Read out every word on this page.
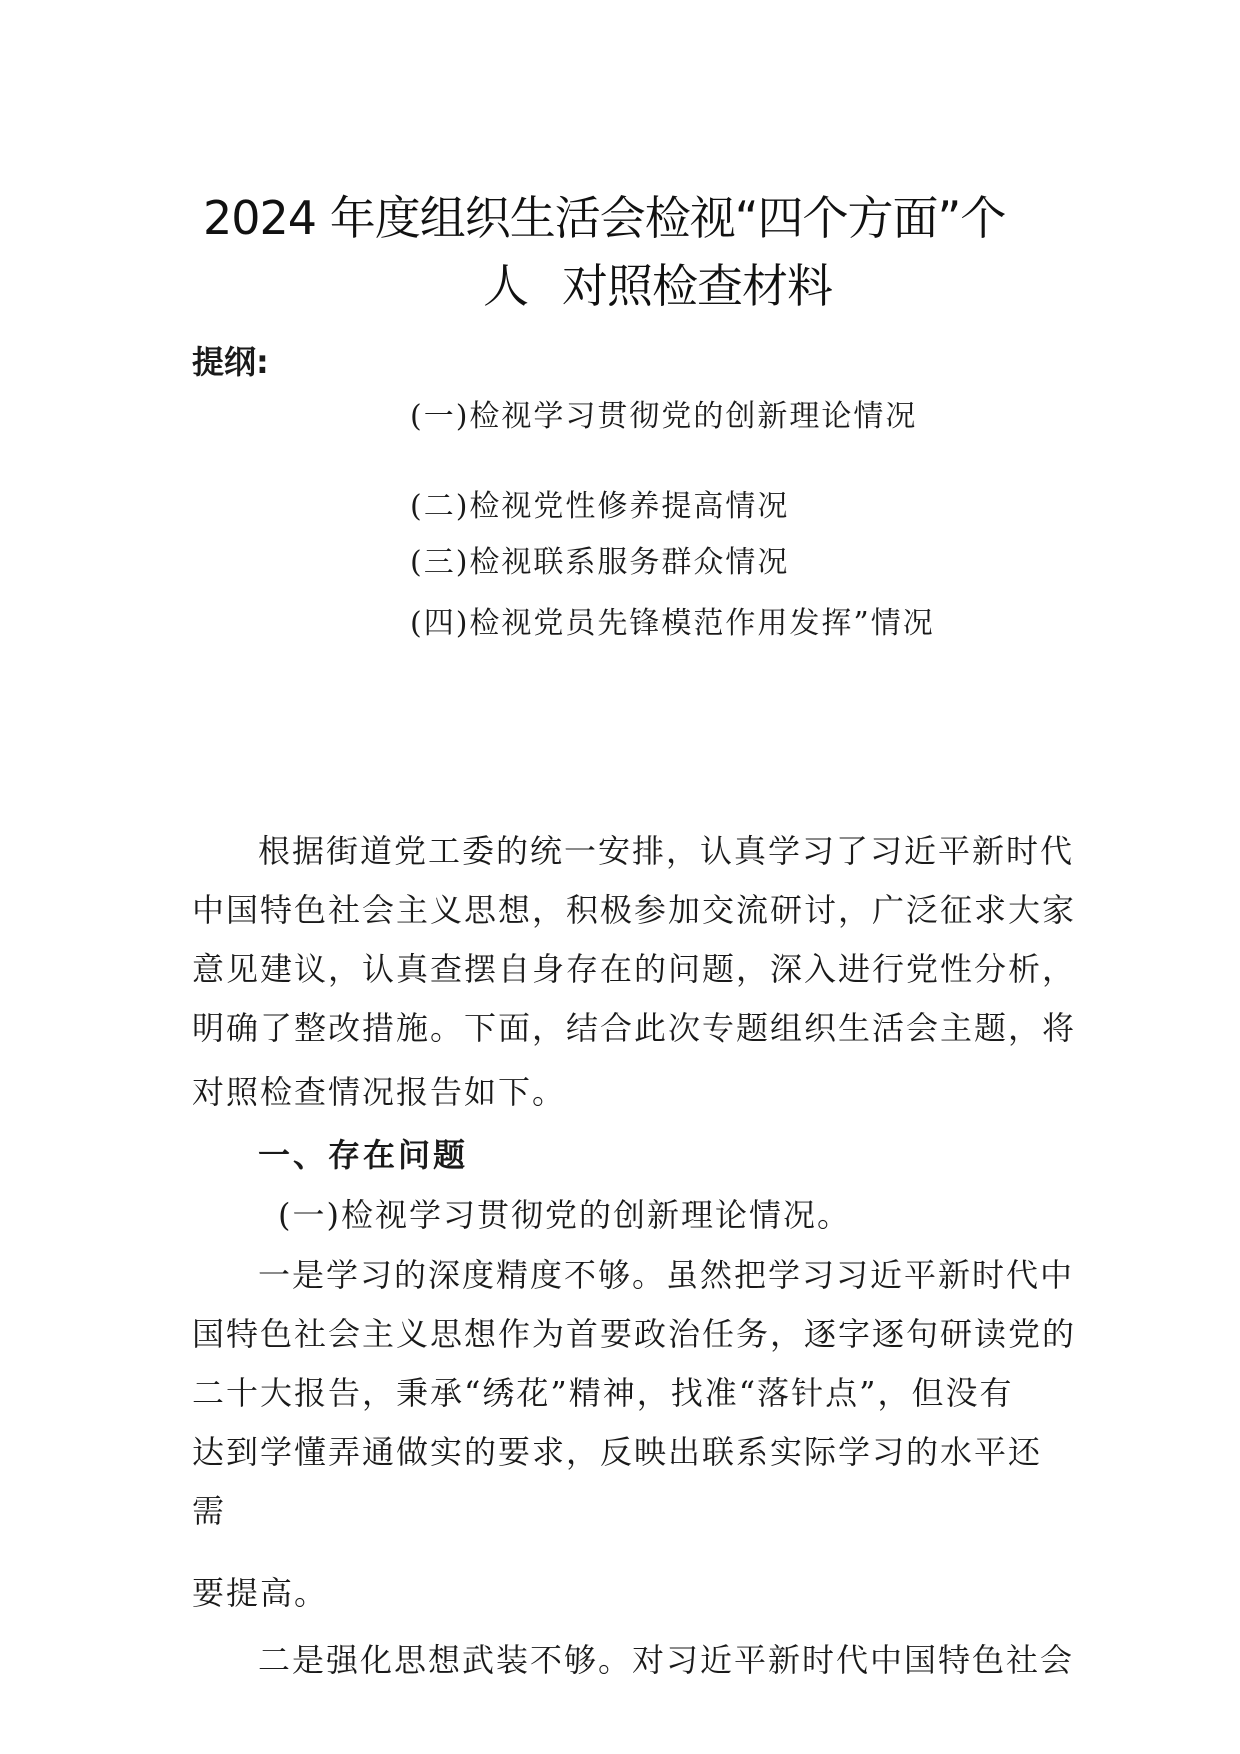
2024 年度组织生活会检视“四个方面”个
人 对照检查材料
提纲:
(一)检视学习贯彻党的创新理论情况
(二)检视党性修养提高情况
(三)检视联系服务群众情况
(四)检视党员先锋模范作用发挥”情况
根据街道党工委的统一安排，认真学习了习近平新时代
中国特色社会主义思想，积极参加交流研讨，广泛征求大家
意见建议，认真查摆自身存在的问题，深入进行党性分析，
明确了整改措施。下面，结合此次专题组织生活会主题，将
对照检查情况报告如下。
一、存在问题
(一)检视学习贯彻党的创新理论情况。
一是学习的深度精度不够。虽然把学习习近平新时代中
国特色社会主义思想作为首要政治任务，逐字逐句研读党的
二十大报告，秉承“绣花”精神，找准“落针点”，但没有
达到学懂弄通做实的要求，反映出联系实际学习的水平还
需
要提高。
二是强化思想武装不够。对习近平新时代中国特色社会
